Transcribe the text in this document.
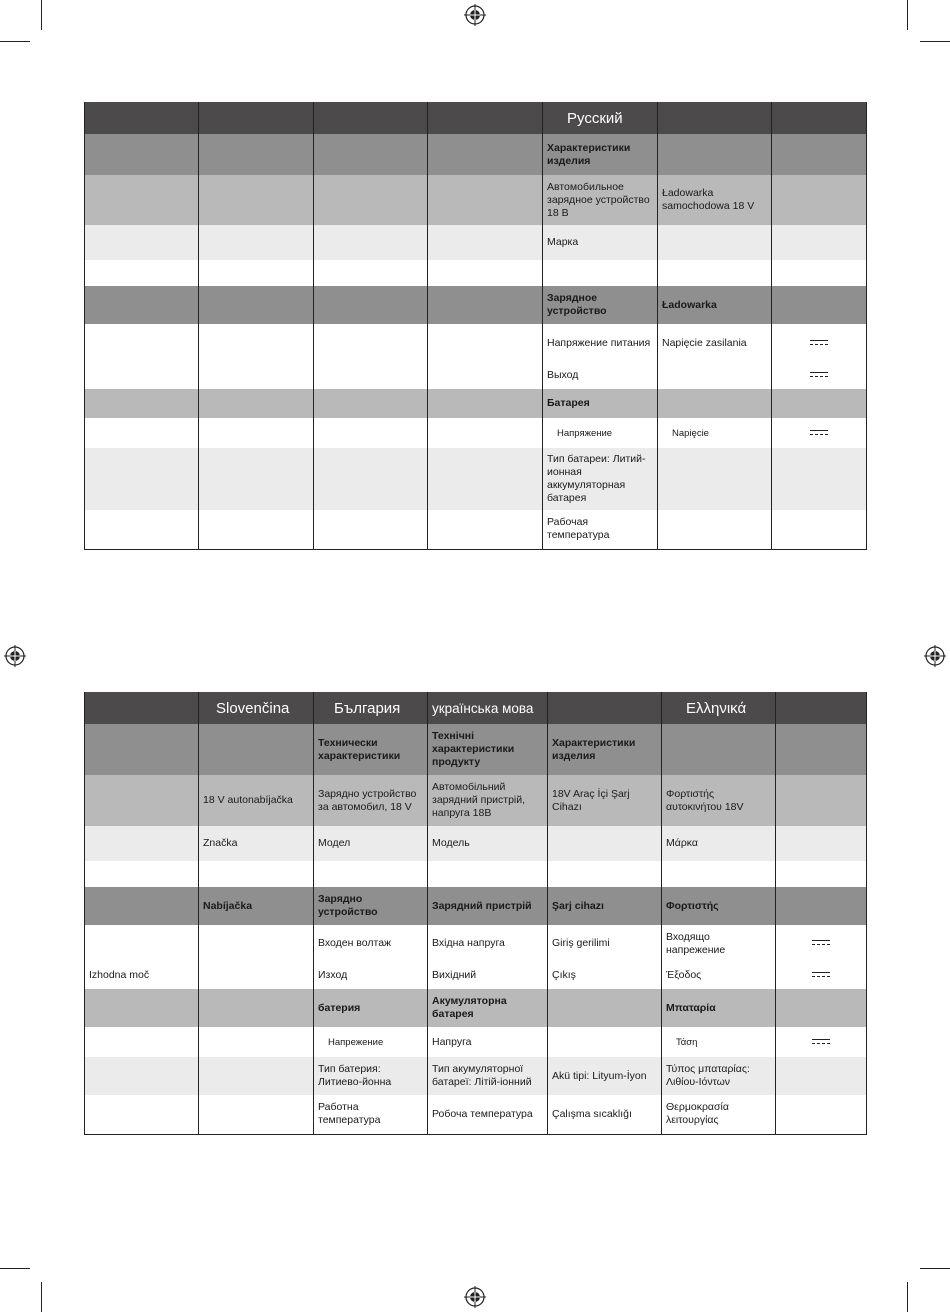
				Русский		
				Характеристики изделия		
				Автомобильное зарядное устройство 18 В	Ładowarka samochodowa 18 V	
				Марка		

				Зарядное устройство	Ładowarka	
				Напряжение питания	Napięcie zasilania	
				Выход		
				Батарея		
				Напряжение	Napięcie	
				Тип батареи: Литий-ионная аккумуляторная батарея		
				Рабочая температура		
	Slovenčina	България	українська мова		Ελληνικά	
		Технически характеристики	Технічні характеристики продукту	Характеристики изделия		
	18 V autonabíjačka	Зарядно устройство за автомобил, 18 V	Автомобільний зарядний пристрій, напруга 18В	18V Araç İçi Şarj Cihazı	Φορτιστής αυτοκινήτου 18V	
	Značka	Модел	Модель		Μάρκα	

	Nabíjačka	Зарядно устройство	Зарядний пристрій	Şarj cihazı	Φορτιστής	
		Входен волтаж	Вхідна напруга	Giriş gerilimi	Входящо напрежение	
Izhodna moč		Изход	Вихідний	Çıkış	Έξοδος	
		батерия	Акумуляторна батарея		Μπαταρία	
		Напрежение	Напруга		Τάση	
		Тип батерия: Литиево-йонна	Тип акумуляторної батареї: Літій-іонний	Akü tipi: Lityum-İyon	Τύπος μπαταρίας: Λιθίου-Ιόντων	
		Работна температура	Робоча температура	Çalışma sıcaklığı	Θερμοκρασία λειτουργίας	
